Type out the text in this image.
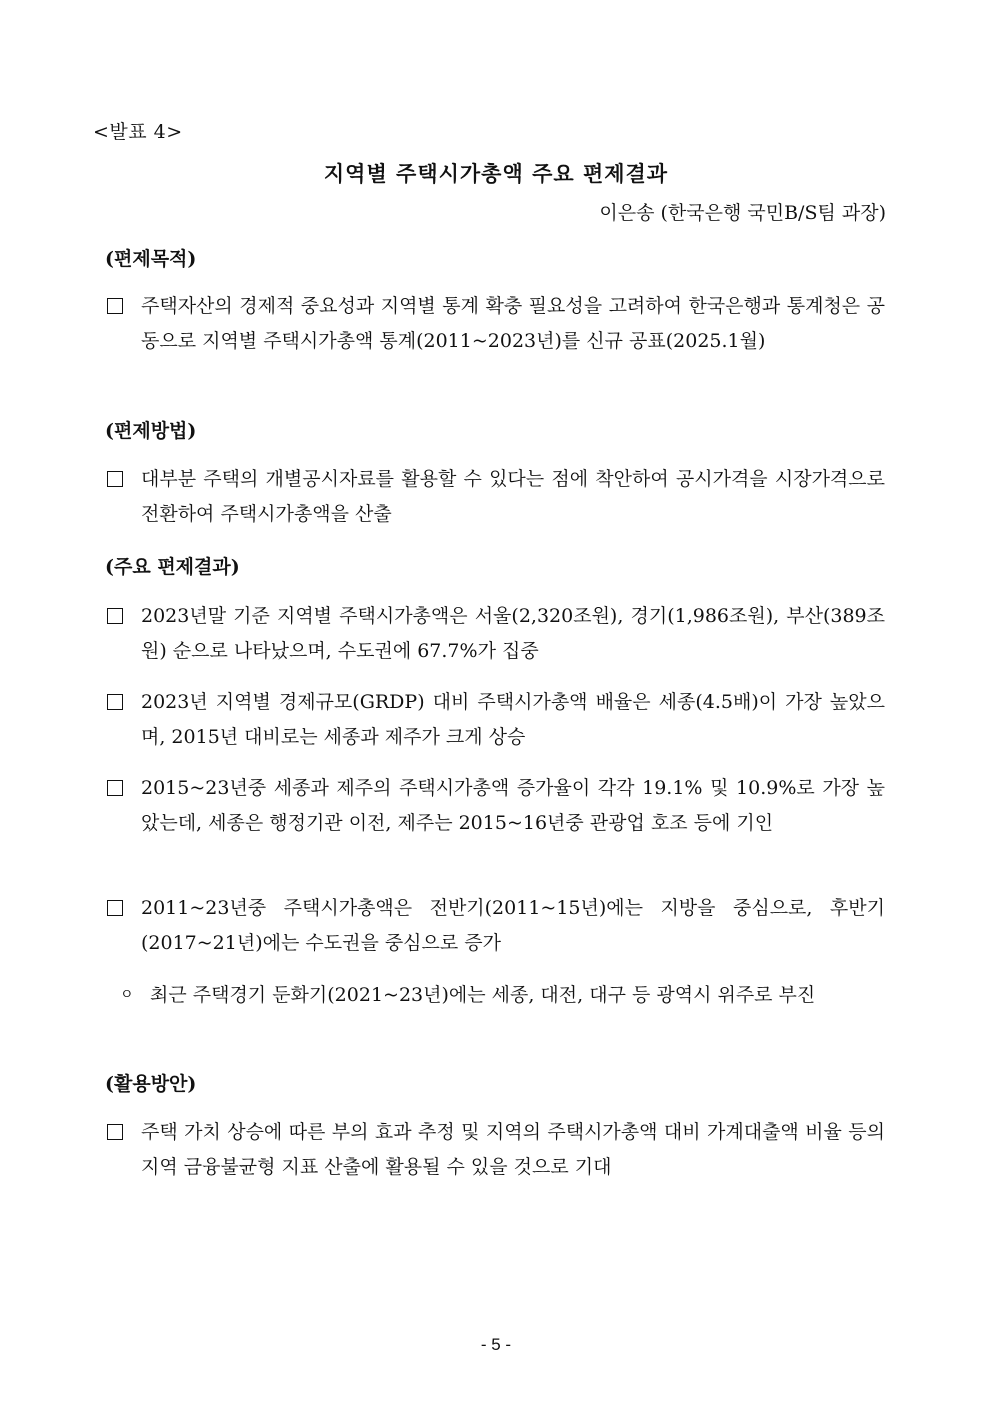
<발표 4>
지역별 주택시가총액 주요 편제결과
이은송 (한국은행 국민B/S팀 과장)
(편제목적)
주택자산의 경제적 중요성과 지역별 통계 확충 필요성을 고려하여 한국은행과 통계청은 공동으로 지역별 주택시가총액 통계(2011~2023년)를 신규 공표(2025.1월)
(편제방법)
대부분 주택의 개별공시자료를 활용할 수 있다는 점에 착안하여 공시가격을 시장가격으로 전환하여 주택시가총액을 산출
(주요 편제결과)
2023년말 기준 지역별 주택시가총액은 서울(2,320조원), 경기(1,986조원), 부산(389조원) 순으로 나타났으며, 수도권에 67.7%가 집중
2023년 지역별 경제규모(GRDP) 대비 주택시가총액 배율은 세종(4.5배)이 가장 높았으며, 2015년 대비로는 세종과 제주가 크게 상승
2015~23년중 세종과 제주의 주택시가총액 증가율이 각각 19.1% 및 10.9%로 가장 높았는데, 세종은 행정기관 이전, 제주는 2015~16년중 관광업 호조 등에 기인
2011~23년중 주택시가총액은 전반기(2011~15년)에는 지방을 중심으로, 후반기(2017~21년)에는 수도권을 중심으로 증가
ㅇ 최근 주택경기 둔화기(2021~23년)에는 세종, 대전, 대구 등 광역시 위주로 부진
(활용방안)
주택 가치 상승에 따른 부의 효과 추정 및 지역의 주택시가총액 대비 가계대출액 비율 등의 지역 금융불균형 지표 산출에 활용될 수 있을 것으로 기대
- 5 -
